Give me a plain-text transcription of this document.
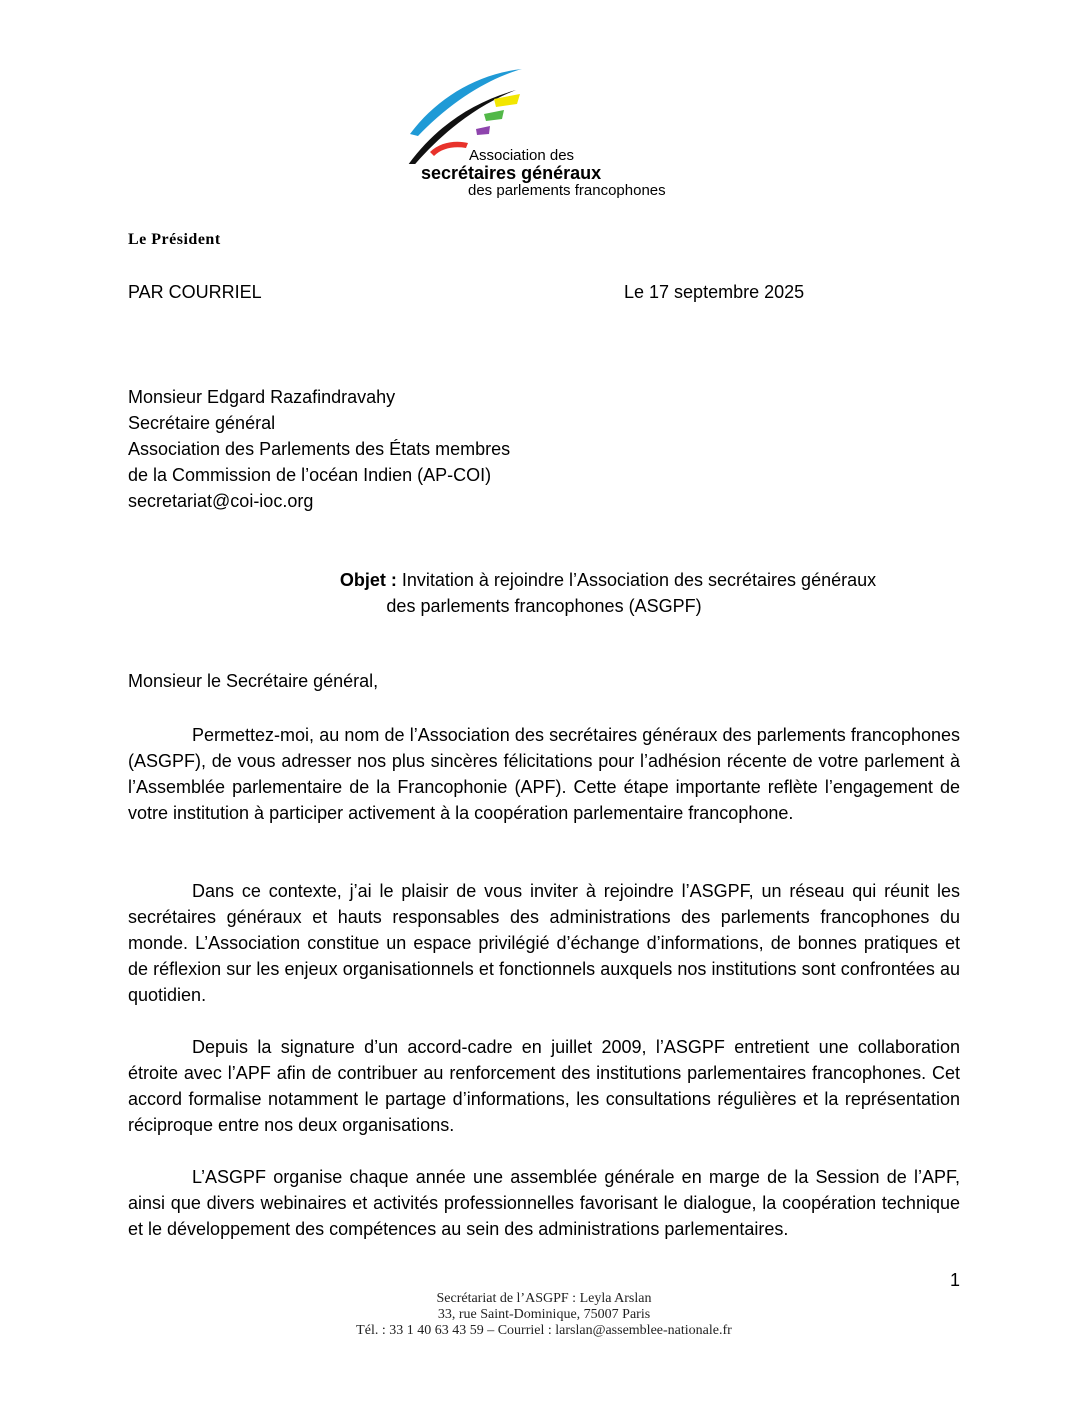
Association des
secrétaires généraux
des parlements francophones
Le Président
PAR COURRIEL	Le 17 septembre 2025
Monsieur Edgard Razafindravahy
Secrétaire général
Association des Parlements des États membres
de la Commission de l’océan Indien (AP-COI)
secretariat@coi-ioc.org
Objet : Invitation à rejoindre l’Association des secrétaires généraux
des parlements francophones (ASGPF)
Monsieur le Secrétaire général,
Permettez-moi, au nom de l’Association des secrétaires généraux des parlements francophones (ASGPF), de vous adresser nos plus sincères félicitations pour l’adhésion récente de votre parlement à l’Assemblée parlementaire de la Francophonie (APF). Cette étape importante reflète l’engagement de votre institution à participer activement à la coopération parlementaire francophone.
Dans ce contexte, j’ai le plaisir de vous inviter à rejoindre l’ASGPF, un réseau qui réunit les secrétaires généraux et hauts responsables des administrations des parlements francophones du monde. L’Association constitue un espace privilégié d’échange d’informations, de bonnes pratiques et de réflexion sur les enjeux organisationnels et fonctionnels auxquels nos institutions sont confrontées au quotidien.
Depuis la signature d’un accord-cadre en juillet 2009, l’ASGPF entretient une collaboration étroite avec l’APF afin de contribuer au renforcement des institutions parlementaires francophones. Cet accord formalise notamment le partage d’informations, les consultations régulières et la représentation réciproque entre nos deux organisations.
L’ASGPF organise chaque année une assemblée générale en marge de la Session de l’APF, ainsi que divers webinaires et activités professionnelles favorisant le dialogue, la coopération technique et le développement des compétences au sein des administrations parlementaires.
1
Secrétariat de l’ASGPF : Leyla Arslan
33, rue Saint-Dominique, 75007 Paris
Tél. : 33 1 40 63 43 59 – Courriel : larslan@assemblee-nationale.fr
